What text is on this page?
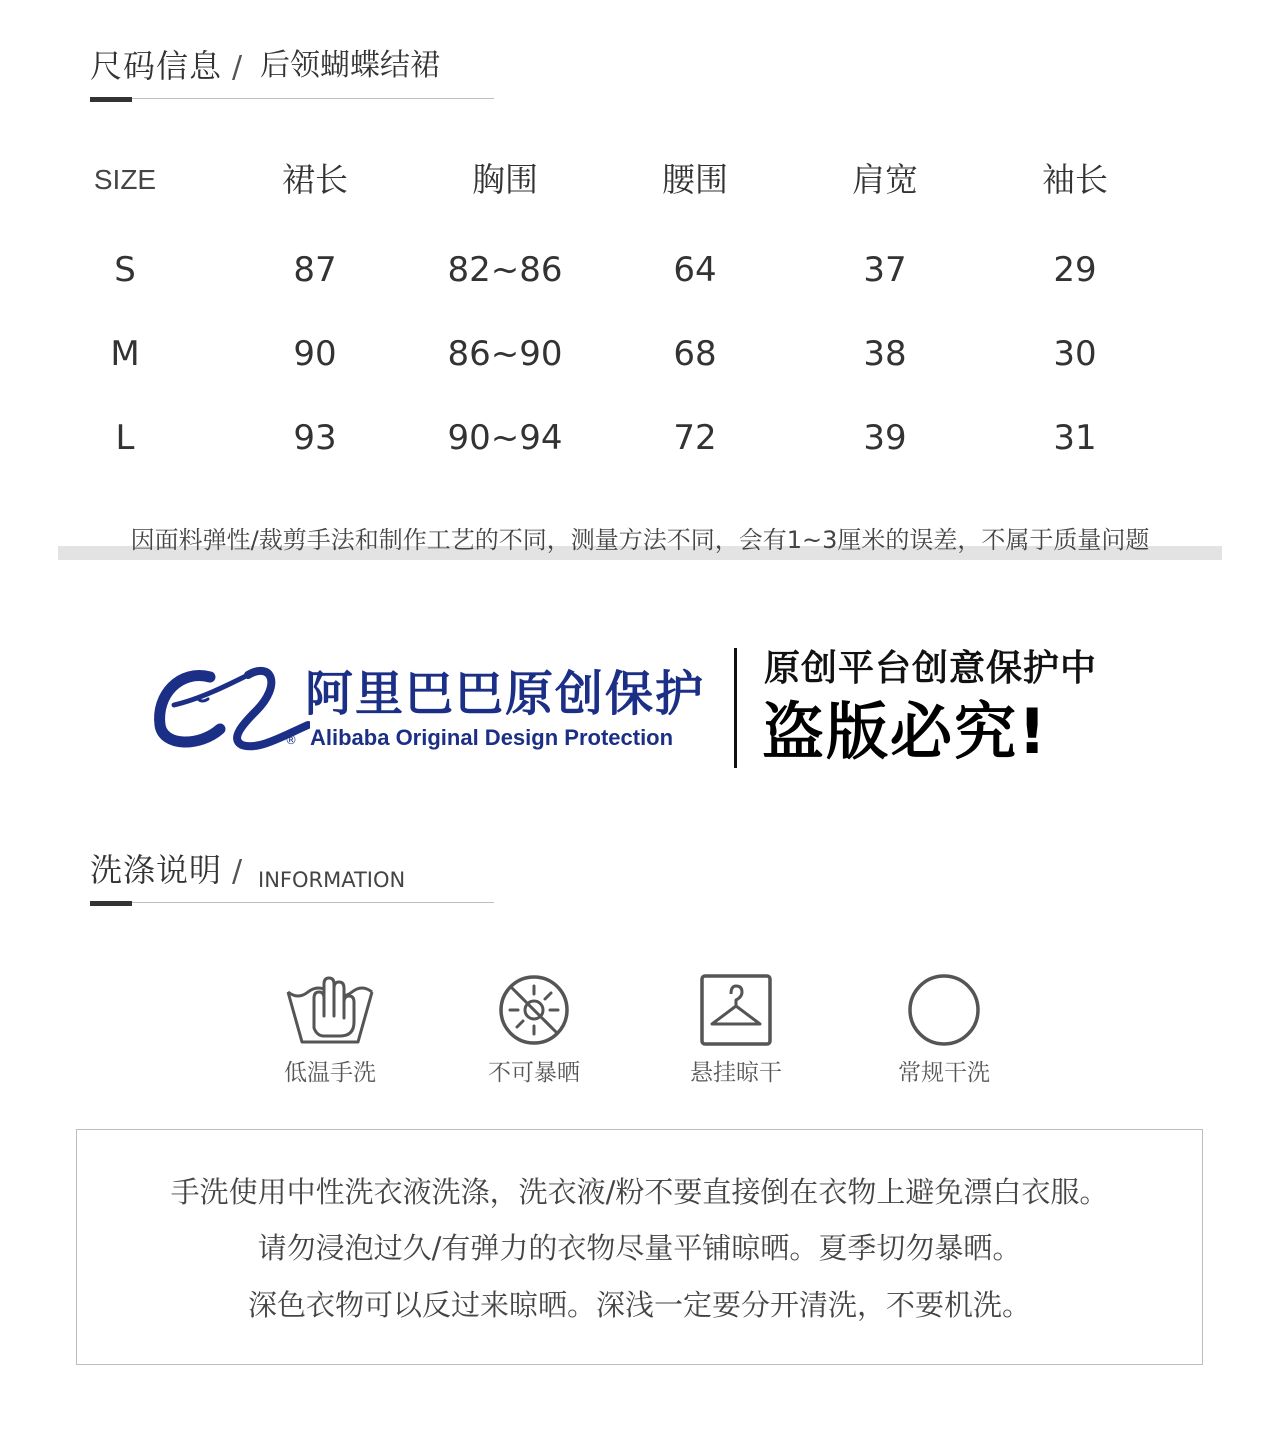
尺码信息 / 后领蝴蝶结裙
SIZE	裙长	胸围	腰围	肩宽	袖长
S	87	82~86	64	37	29
M	90	86~90	68	38	30
L	93	90~94	72	39	31
因面料弹性/裁剪手法和制作工艺的不同，测量方法不同，会有1~3厘米的误差，不属于质量问题
阿里巴巴原创保护
® Alibaba Original Design Protection
原创平台创意保护中
盗版必究!
洗涤说明 / INFORMATION
低温手洗	不可暴晒	悬挂晾干	常规干洗
手洗使用中性洗衣液洗涤，洗衣液/粉不要直接倒在衣物上避免漂白衣服。
请勿浸泡过久/有弹力的衣物尽量平铺晾晒。夏季切勿暴晒。
深色衣物可以反过来晾晒。深浅一定要分开清洗，不要机洗。
